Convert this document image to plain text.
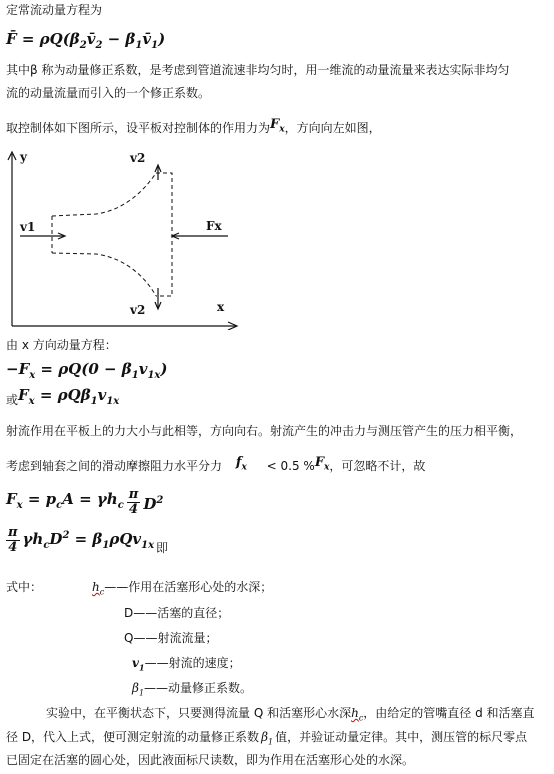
定常流动量方程为
F̄ = $\rho Q(\beta_2v̄_2$ − $\beta_1v̄_1$)
其中β 称为动量修正系数，是考虑到管道流速非均匀时，用一维流的动量流量来表达实际非均匀
流的动量流量而引入的一个修正系数。
取控制体如下图所示，设平板对控制体的作用力为$F_x$，方向向左如图，
y
x
v1
v2
v2
Fx
由 x 方向动量方程：
$-F_x = \rho Q(0 - \beta_1v_{1x})$
或$F_x = \rho Q\beta_1v_{1x}$
射流作用在平板上的力大小与此相等，方向向右。射流产生的冲击力与测压管产生的压力相平衡，
考虑到轴套之间的滑动摩擦阻力水平分力 $f_x < 0.5$ $\%F_x$，可忽略不计，故
$F_x = p_cA = \gamma h_c$
π
4 $D^2$
π
4 $\gamma h_cD^2 = \beta_1\rho Qv_{1x}$ 即
式中：	$h_c——$作用在活塞形心处的水深；
D——活塞的直径；
Q——射流流量；
$v_1——$射流的速度；
$\beta_1——$动量修正系数。
实验中，在平衡状态下，只要测得流量 Q 和活塞形心水深$h_c$，由给定的管嘴直径 d 和活塞直
径 D，代入上式，便可测定射流的动量修正系数 $\beta_1$ 值，并验证动量定律。其中，测压管的标尺零点
已固定在活塞的圆心处，因此液面标尺读数，即为作用在活塞形心处的水深。
